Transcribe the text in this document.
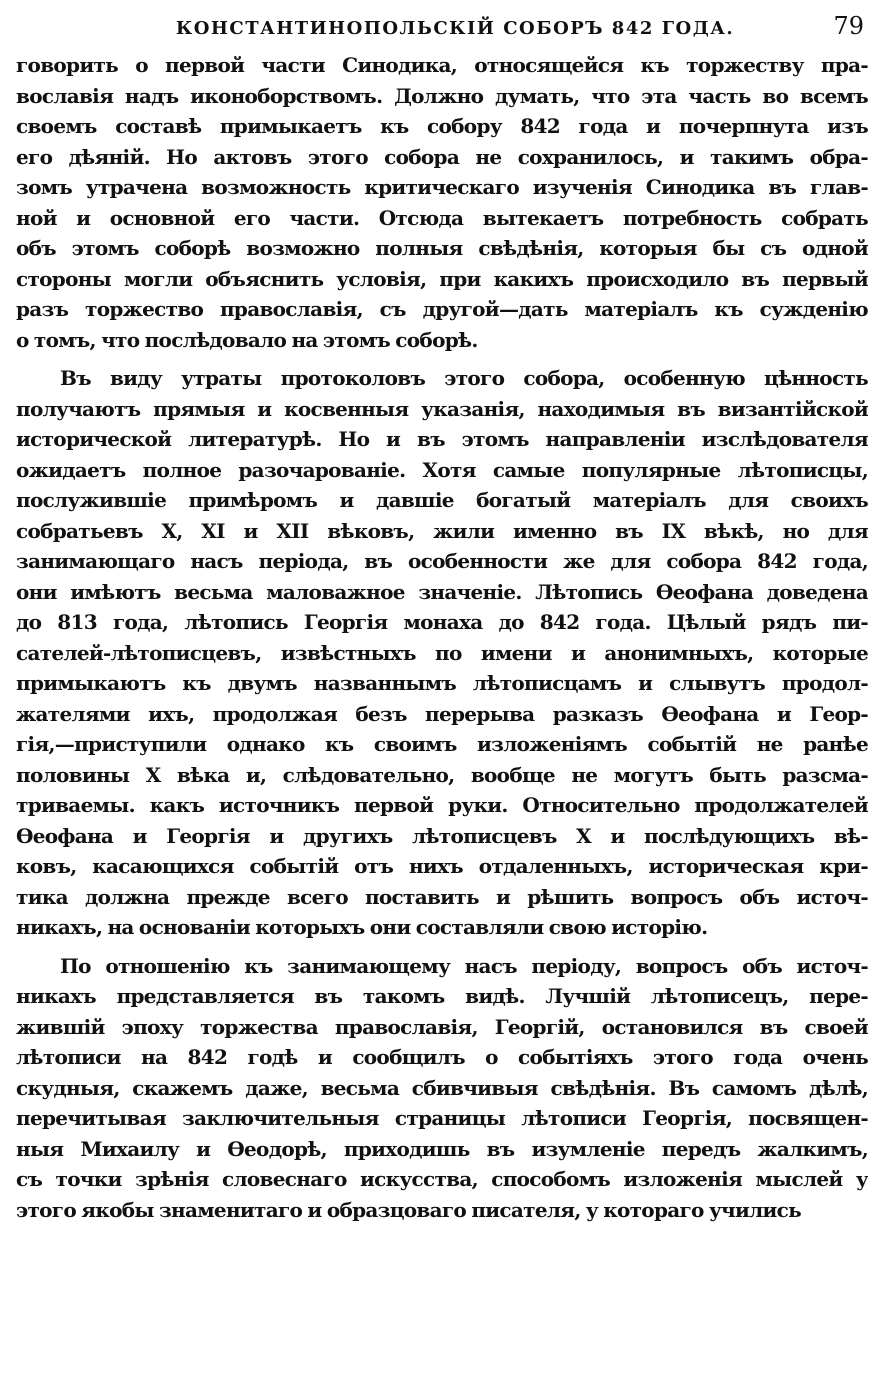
КОНСТАНТИНОПОЛЬСКІЙ СОБОРЪ 842 ГОДА.	79
говорить о первой части Синодика, относящейся къ торжеству пра-
вославія надъ иконоборствомъ. Должно думать, что эта часть во всемъ
своемъ составѣ примыкаетъ къ собору 842 года и почерпнута изъ
его дѣяній. Но актовъ этого собора не сохранилось, и такимъ обра-
зомъ утрачена возможность критическаго изученія Синодика въ глав-
ной и основной его части. Отсюда вытекаетъ потребность собрать
объ этомъ соборѣ возможно полныя свѣдѣнія, которыя бы съ одной
стороны могли объяснить условія, при какихъ происходило въ первый
разъ торжество православія, съ другой—дать матеріалъ къ сужденію
о томъ, что послѣдовало на этомъ соборѣ.
Въ виду утраты протоколовъ этого собора, особенную цѣнность
получаютъ прямыя и косвенныя указанія, находимыя въ византійской
исторической литературѣ. Но и въ этомъ направленіи изслѣдователя
ожидаетъ полное разочарованіе. Хотя самые популярные лѣтописцы,
послужившіе примѣромъ и давшіе богатый матеріалъ для своихъ
собратьевъ X, XI и XII вѣковъ, жили именно въ IX вѣкѣ, но для
занимающаго насъ періода, въ особенности же для собора 842 года,
они имѣютъ весьма маловажное значеніе. Лѣтопись Ѳеофана доведена
до 813 года, лѣтопись Георгія монаха до 842 года. Цѣлый рядъ пи-
сателей-лѣтописцевъ, извѣстныхъ по имени и анонимныхъ, которые
примыкаютъ къ двумъ названнымъ лѣтописцамъ и слывутъ продол-
жателями ихъ, продолжая безъ перерыва разказъ Ѳеофана и Геор-
гія,—приступили однако къ своимъ изложеніямъ событій не ранѣе
половины X вѣка и, слѣдовательно, вообще не могутъ быть разсма-
триваемы. какъ источникъ первой руки. Относительно продолжателей
Ѳеофана и Георгія и другихъ лѣтописцевъ X и послѣдующихъ вѣ-
ковъ, касающихся событій отъ нихъ отдаленныхъ, историческая кри-
тика должна прежде всего поставить и рѣшить вопросъ объ источ-
никахъ, на основаніи которыхъ они составляли свою исторію.
По отношенію къ занимающему насъ періоду, вопросъ объ источ-
никахъ представляется въ такомъ видѣ. Лучшій лѣтописецъ, пере-
жившій эпоху торжества православія, Георгій, остановился въ своей
лѣтописи на 842 годѣ и сообщилъ о событіяхъ этого года очень
скудныя, скажемъ даже, весьма сбивчивыя свѣдѣнія. Въ самомъ дѣлѣ,
перечитывая заключительныя страницы лѣтописи Георгія, посвящен-
ныя Михаилу и Ѳеодорѣ, приходишь въ изумленіе передъ жалкимъ,
съ точки зрѣнія словеснаго искусства, способомъ изложенія мыслей у
этого якобы знаменитаго и образцоваго писателя, у котораго учились
